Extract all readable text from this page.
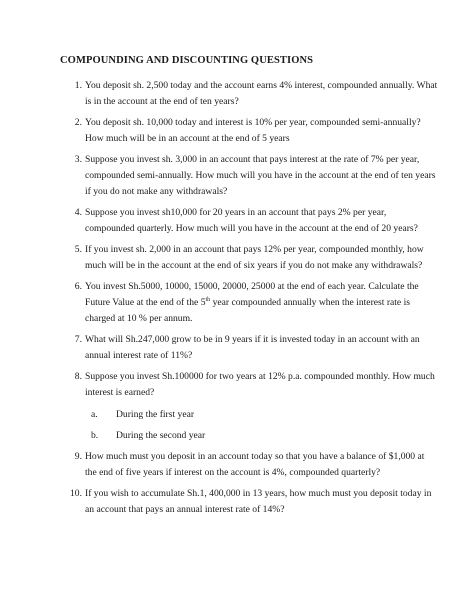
COMPOUNDING AND DISCOUNTING QUESTIONS
1. You deposit sh. 2,500 today and the account earns 4% interest, compounded annually. What is in the account at the end of ten years?
2. You deposit sh. 10,000 today and interest is 10% per year, compounded semi-annually? How much will be in an account at the end of 5 years
3. Suppose you invest sh. 3,000 in an account that pays interest at the rate of 7% per year, compounded semi-annually. How much will you have in the account at the end of ten years if you do not make any withdrawals?
4. Suppose you invest sh10,000 for 20 years in an account that pays 2% per year, compounded quarterly. How much will you have in the account at the end of 20 years?
5. If you invest sh. 2,000 in an account that pays 12% per year, compounded monthly, how much will be in the account at the end of six years if you do not make any withdrawals?
6. You invest Sh.5000, 10000, 15000, 20000, 25000 at the end of each year. Calculate the Future Value at the end of the 5th year compounded annually when the interest rate is charged at 10 % per annum.
7. What will Sh.247,000 grow to be in 9 years if it is invested today in an account with an annual interest rate of 11%?
8. Suppose you invest Sh.100000 for two years at 12% p.a. compounded monthly. How much interest is earned?
a.	During the first year
b.	During the second year
9. How much must you deposit in an account today so that you have a balance of $1,000 at the end of five years if interest on the account is 4%, compounded quarterly?
10. If you wish to accumulate Sh.1, 400,000 in 13 years, how much must you deposit today in an account that pays an annual interest rate of 14%?
